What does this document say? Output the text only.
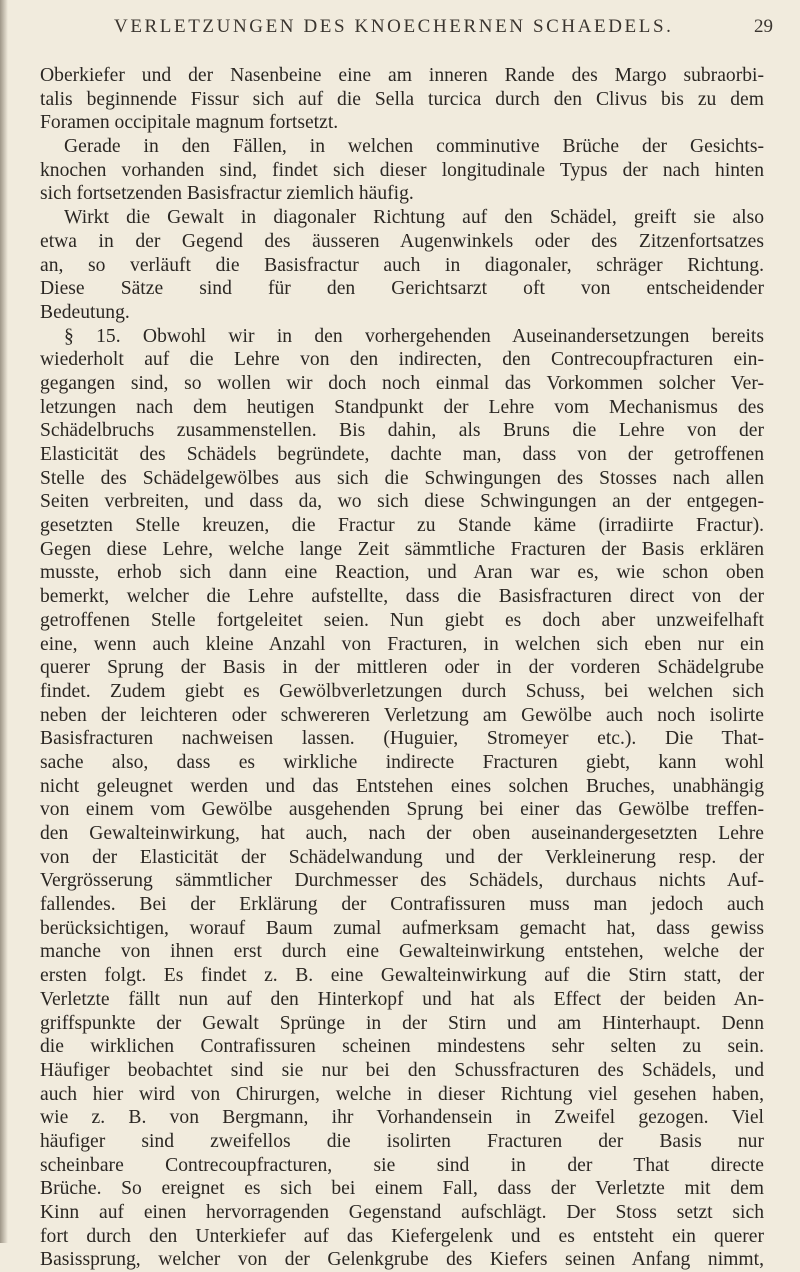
VERLETZUNGEN DES KNOECHERNEN SCHAEDELS.	29
Oberkiefer und der Nasenbeine eine am inneren Rande des Margo subraorbi-
talis beginnende Fissur sich auf die Sella turcica durch den Clivus bis zu dem
Foramen occipitale magnum fortsetzt.
Gerade in den Fällen, in welchen comminutive Brüche der Gesichts-
knochen vorhanden sind, findet sich dieser longitudinale Typus der nach hinten
sich fortsetzenden Basisfractur ziemlich häufig.
Wirkt die Gewalt in diagonaler Richtung auf den Schädel, greift sie also
etwa in der Gegend des äusseren Augenwinkels oder des Zitzenfortsatzes
an, so verläuft die Basisfractur auch in diagonaler, schräger Richtung.
Diese Sätze sind für den Gerichtsarzt oft von entscheidender
Bedeutung.
§ 15. Obwohl wir in den vorhergehenden Auseinandersetzungen bereits
wiederholt auf die Lehre von den indirecten, den Contrecoupfracturen ein-
gegangen sind, so wollen wir doch noch einmal das Vorkommen solcher Ver-
letzungen nach dem heutigen Standpunkt der Lehre vom Mechanismus des
Schädelbruchs zusammenstellen. Bis dahin, als Bruns die Lehre von der
Elasticität des Schädels begründete, dachte man, dass von der getroffenen
Stelle des Schädelgewölbes aus sich die Schwingungen des Stosses nach allen
Seiten verbreiten, und dass da, wo sich diese Schwingungen an der entgegen-
gesetzten Stelle kreuzen, die Fractur zu Stande käme (irradiirte Fractur).
Gegen diese Lehre, welche lange Zeit sämmtliche Fracturen der Basis erklären
musste, erhob sich dann eine Reaction, und Aran war es, wie schon oben
bemerkt, welcher die Lehre aufstellte, dass die Basisfracturen direct von der
getroffenen Stelle fortgeleitet seien. Nun giebt es doch aber unzweifelhaft
eine, wenn auch kleine Anzahl von Fracturen, in welchen sich eben nur ein
querer Sprung der Basis in der mittleren oder in der vorderen Schädelgrube
findet. Zudem giebt es Gewölbverletzungen durch Schuss, bei welchen sich
neben der leichteren oder schwereren Verletzung am Gewölbe auch noch isolirte
Basisfracturen nachweisen lassen. (Huguier, Stromeyer etc.). Die That-
sache also, dass es wirkliche indirecte Fracturen giebt, kann wohl
nicht geleugnet werden und das Entstehen eines solchen Bruches, unabhängig
von einem vom Gewölbe ausgehenden Sprung bei einer das Gewölbe treffen-
den Gewalteinwirkung, hat auch, nach der oben auseinandergesetzten Lehre
von der Elasticität der Schädelwandung und der Verkleinerung resp. der
Vergrösserung sämmtlicher Durchmesser des Schädels, durchaus nichts Auf-
fallendes. Bei der Erklärung der Contrafissuren muss man jedoch auch
berücksichtigen, worauf Baum zumal aufmerksam gemacht hat, dass gewiss
manche von ihnen erst durch eine Gewalteinwirkung entstehen, welche der
ersten folgt. Es findet z. B. eine Gewalteinwirkung auf die Stirn statt, der
Verletzte fällt nun auf den Hinterkopf und hat als Effect der beiden An-
griffspunkte der Gewalt Sprünge in der Stirn und am Hinterhaupt. Denn
die wirklichen Contrafissuren scheinen mindestens sehr selten zu sein.
Häufiger beobachtet sind sie nur bei den Schussfracturen des Schädels, und
auch hier wird von Chirurgen, welche in dieser Richtung viel gesehen haben,
wie z. B. von Bergmann, ihr Vorhandensein in Zweifel gezogen. Viel
häufiger sind zweifellos die isolirten Fracturen der Basis nur
scheinbare Contrecoupfracturen, sie sind in der That directe
Brüche. So ereignet es sich bei einem Fall, dass der Verletzte mit dem
Kinn auf einen hervorragenden Gegenstand aufschlägt. Der Stoss setzt sich
fort durch den Unterkiefer auf das Kiefergelenk und es entsteht ein querer
Basissprung, welcher von der Gelenkgrube des Kiefers seinen Anfang nimmt,
